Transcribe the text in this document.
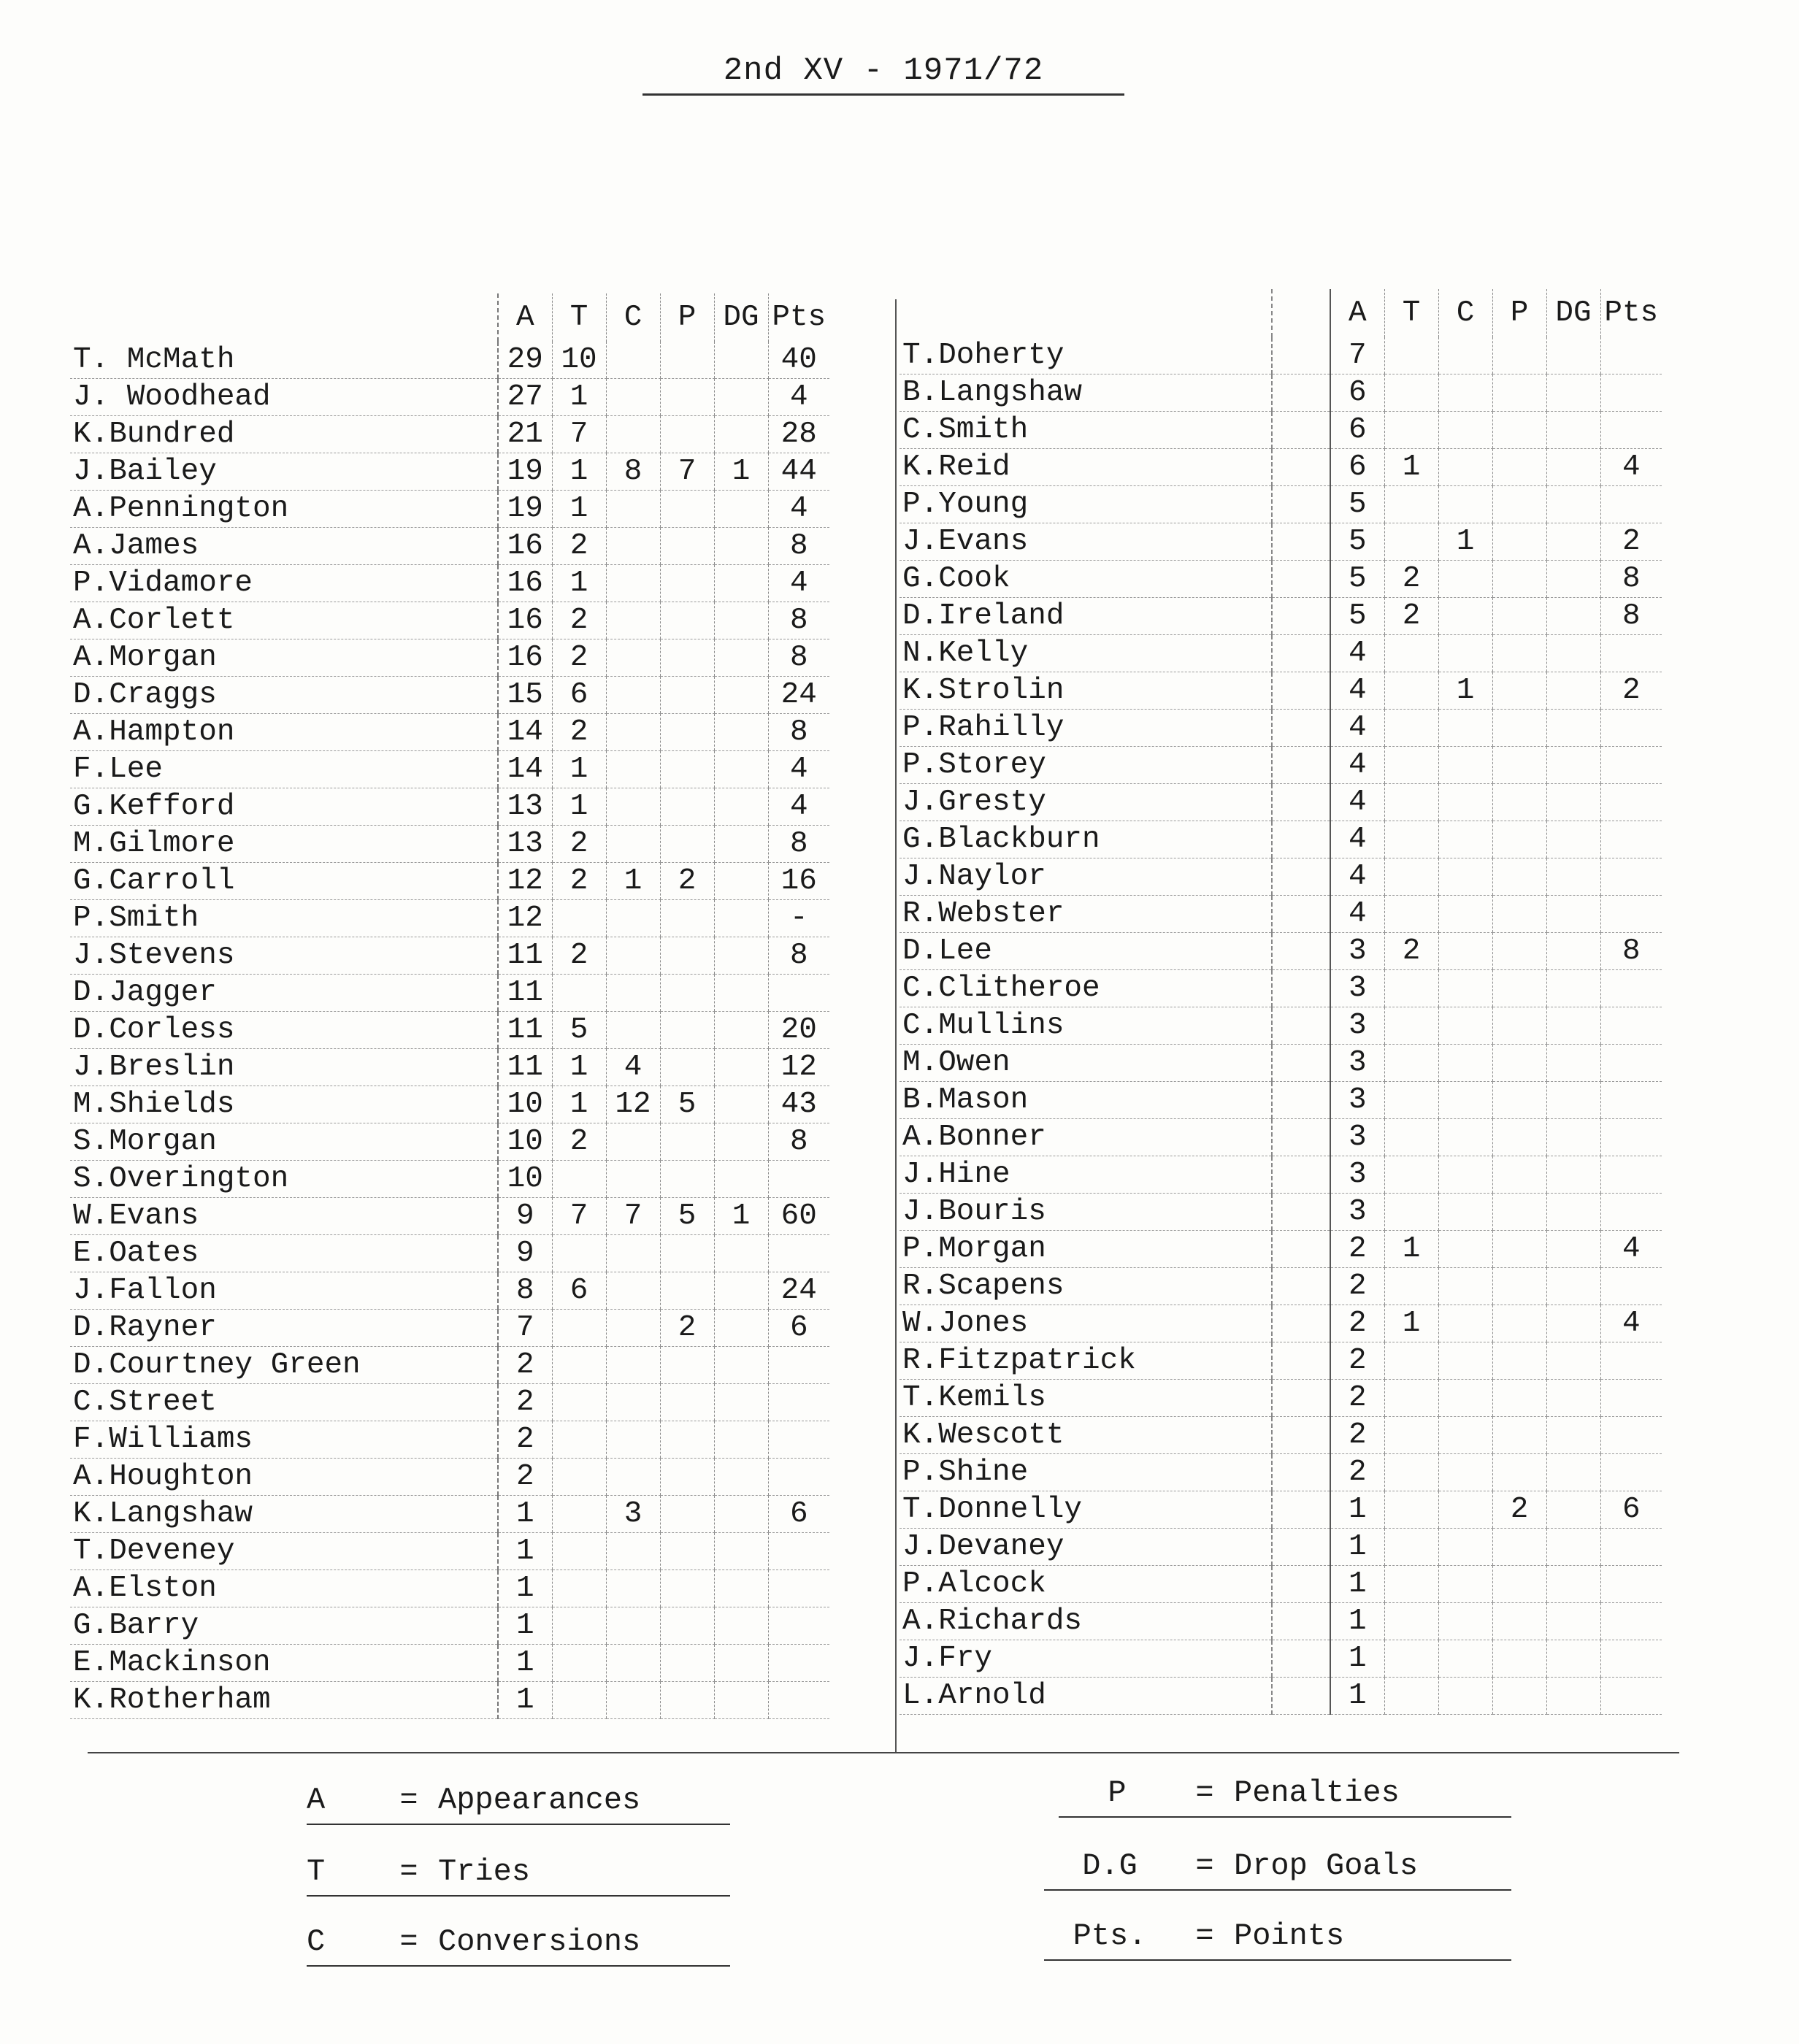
2nd XV - 1971/72
	A	T	C	P	DG	Pts
T. McMath	29	10				40
J. Woodhead	27	1				4
K.Bundred	21	7				28
J.Bailey	19	1	8	7	1	44
A.Pennington	19	1				4
A.James	16	2				8
P.Vidamore	16	1				4
A.Corlett	16	2				8
A.Morgan	16	2				8
D.Craggs	15	6				24
A.Hampton	14	2				8
F.Lee	14	1				4
G.Kefford	13	1				4
M.Gilmore	13	2				8
G.Carroll	12	2	1	2		16
P.Smith	12					-
J.Stevens	11	2				8
D.Jagger	11					
D.Corless	11	5				20
J.Breslin	11	1	4			12
M.Shields	10	1	12	5		43
S.Morgan	10	2				8
S.Overington	10					
W.Evans	9	7	7	5	1	60
E.Oates	9					
J.Fallon	8	6				24
D.Rayner	7			2		6
D.Courtney Green	2					
C.Street	2					
F.Williams	2					
A.Houghton	2					
K.Langshaw	1		3			6
T.Deveney	1					
A.Elston	1					
G.Barry	1					
E.Mackinson	1					
K.Rotherham	1					
		A	T	C	P	DG	Pts
T.Doherty		7					
B.Langshaw		6					
C.Smith		6					
K.Reid		6	1				4
P.Young		5					
J.Evans		5		1			2
G.Cook		5	2				8
D.Ireland		5	2				8
N.Kelly		4					
K.Strolin		4		1			2
P.Rahilly		4					
P.Storey		4					
J.Gresty		4					
G.Blackburn		4					
J.Naylor		4					
R.Webster		4					
D.Lee		3	2				8
C.Clitheroe		3					
C.Mullins		3					
M.Owen		3					
B.Mason		3					
A.Bonner		3					
J.Hine		3					
J.Bouris		3					
P.Morgan		2	1				4
R.Scapens		2					
W.Jones		2	1				4
R.Fitzpatrick		2					
T.Kemils		2					
K.Wescott		2					
P.Shine		2					
T.Donnelly		1			2		6
J.Devaney		1					
P.Alcock		1					
A.Richards		1					
J.Fry		1					
L.Arnold		1					
A	= Appearances
T	= Tries
C	= Conversions
P	= Penalties
D.G	= Drop Goals
Pts.	= Points
